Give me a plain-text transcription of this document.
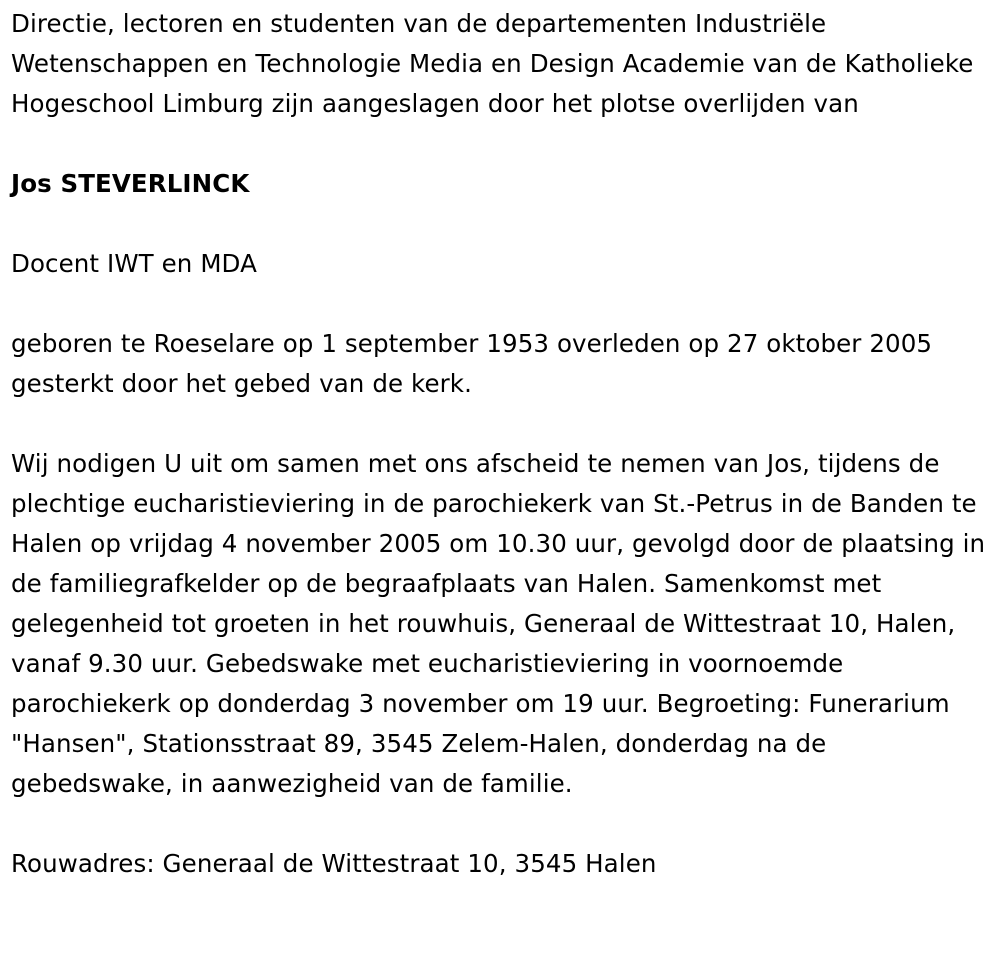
Directie, lectoren en studenten van de departementen Industriële Wetenschappen en Technologie Media en Design Academie van de Katholieke Hogeschool Limburg zijn aangeslagen door het plotse overlijden van

Jos STEVERLINCK

Docent IWT en MDA

geboren te Roeselare op 1 september 1953 overleden op 27 oktober 2005 gesterkt door het gebed van de kerk.

Wij nodigen U uit om samen met ons afscheid te nemen van Jos, tijdens de plechtige eucharistieviering in de parochiekerk van St.-Petrus in de Banden te Halen op vrijdag 4 november 2005 om 10.30 uur, gevolgd door de plaatsing in de familiegrafkelder op de begraafplaats van Halen. Samenkomst met gelegenheid tot groeten in het rouwhuis, Generaal de Wittestraat 10, Halen, vanaf 9.30 uur. Gebedswake met eucharistieviering in voornoemde parochiekerk op donderdag 3 november om 19 uur. Begroeting: Funerarium "Hansen", Stationsstraat 89, 3545 Zelem-Halen, donderdag na de gebedswake, in aanwezigheid van de familie.

Rouwadres: Generaal de Wittestraat 10, 3545 Halen
